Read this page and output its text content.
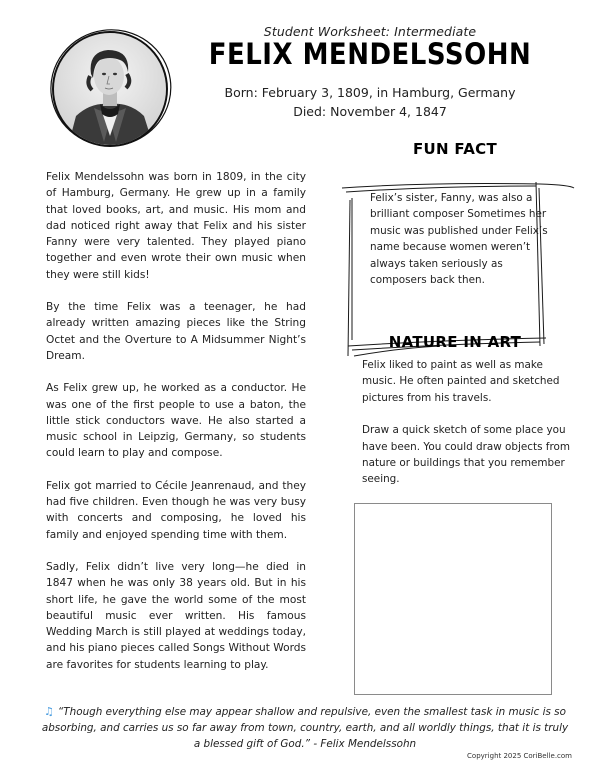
Student Worksheet: Intermediate
FELIX MENDELSSOHN
Born: February 3, 1809, in Hamburg, Germany
Died: November 4, 1847

Felix Mendelssohn was born in 1809, in the city of Hamburg, Germany. He grew up in a family that loved books, art, and music. His mom and dad noticed right away that Felix and his sister Fanny were very talented. They played piano together and even wrote their own music when they were still kids!

By the time Felix was a teenager, he had already written amazing pieces like the String Octet and the Overture to A Midsummer Night’s Dream.

As Felix grew up, he worked as a conductor. He was one of the first people to use a baton, the little stick conductors wave. He also started a music school in Leipzig, Germany, so students could learn to play and compose.

Felix got married to Cécile Jeanrenaud, and they had five children. Even though he was very busy with concerts and composing, he loved his family and enjoyed spending time with them.

Sadly, Felix didn’t live very long—he died in 1847 when he was only 38 years old. But in his short life, he gave the world some of the most beautiful music ever written. His famous Wedding March is still played at weddings today, and his piano pieces called Songs Without Words are favorites for students learning to play.

FUN FACT
Felix’s sister, Fanny, was also a brilliant composer Sometimes her music was published under Felix’s name because women weren’t always taken seriously as composers back then.
NATURE IN ART

Felix liked to paint as well as make music. He often painted and sketched pictures from his travels.

Draw a quick sketch of some place you have been. You could draw objects from nature or buildings that you remember seeing.

♫ “Though everything else may appear shallow and repulsive, even the smallest task in music is so absorbing, and carries us so far away from town, country, earth, and all worldly things, that it is truly a blessed gift of God.” - Felix Mendelssohn
Copyright 2025 CoriBelle.com
